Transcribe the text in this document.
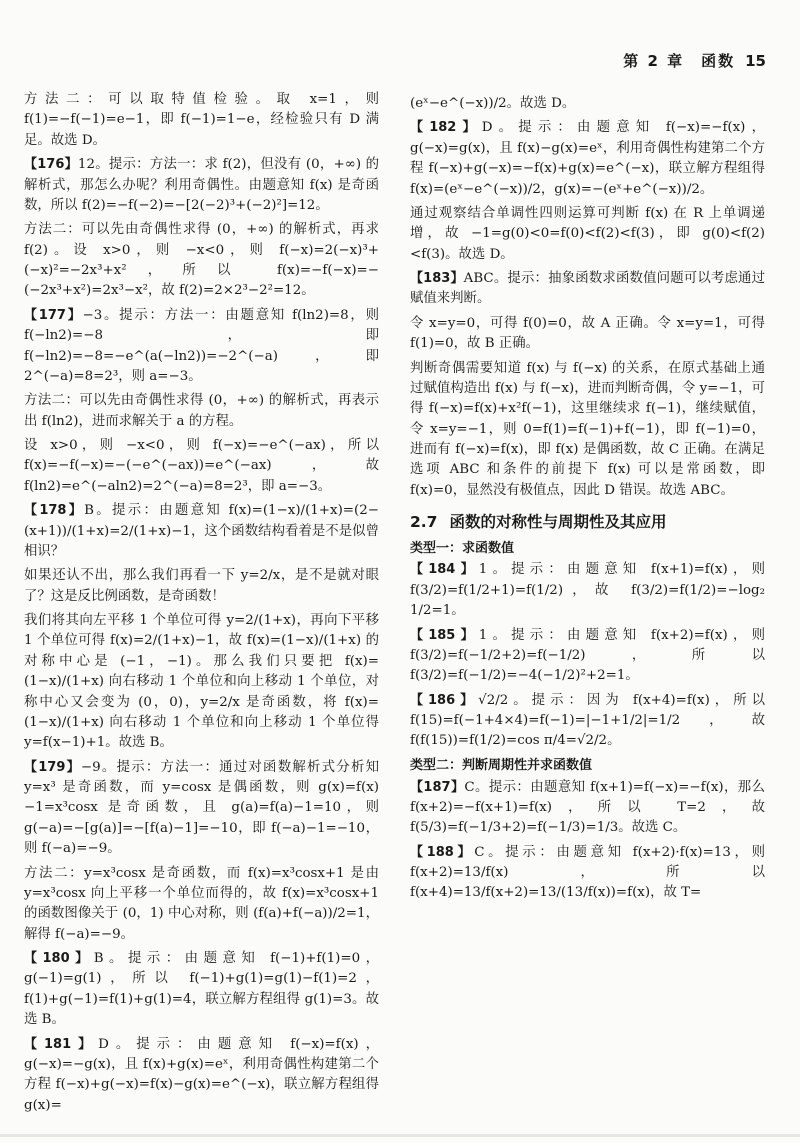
第 2 章　函数 15

方法二：可以取特值检验。取 x=1，则 f(1)=−f(−1)=e−1，即 f(−1)=1−e，经检验只有 D 满足。故选 D。

【176】12。提示：方法一：求 f(2)，但没有 (0，+∞) 的解析式，那怎么办呢？利用奇偶性。由题意知 f(x) 是奇函数，所以 f(2)=−f(−2)=−[2(−2)³+(−2)²]=12。

方法二：可以先由奇偶性求得 (0，+∞) 的解析式，再求 f(2)。设 x>0，则 −x<0，则 f(−x)=2(−x)³+(−x)²=−2x³+x²，所以 f(x)=−f(−x)=−(−2x³+x²)=2x³−x²，故 f(2)=2×2³−2²=12。

【177】−3。提示：方法一：由题意知 f(ln2)=8，则 f(−ln2)=−8，即 f(−ln2)=−8=−e^(a(−ln2))=−2^(−a)，即 2^(−a)=8=2³，则 a=−3。

方法二：可以先由奇偶性求得 (0，+∞) 的解析式，再表示出 f(ln2)，进而求解关于 a 的方程。

设 x>0，则 −x<0，则 f(−x)=−e^(−ax)，所以 f(x)=−f(−x)=−(−e^(−ax))=e^(−ax)，故 f(ln2)=e^(−aln2)=2^(−a)=8=2³，即 a=−3。

【178】B。提示：由题意知 f(x)=(1−x)/(1+x)=(2−(x+1))/(1+x)=2/(1+x)−1，这个函数结构看着是不是似曾相识？

如果还认不出，那么我们再看一下 y=2/x，是不是就对眼了？这是反比例函数，是奇函数！

我们将其向左平移 1 个单位可得 y=2/(1+x)，再向下平移 1 个单位可得 f(x)=2/(1+x)−1，故 f(x)=(1−x)/(1+x) 的对称中心是 (−1，−1)。那么我们只要把 f(x)=(1−x)/(1+x) 向右移动 1 个单位和向上移动 1 个单位，对称中心又会变为 (0，0)，y=2/x 是奇函数，将 f(x)=(1−x)/(1+x) 向右移动 1 个单位和向上移动 1 个单位得 y=f(x−1)+1。故选 B。

【179】−9。提示：方法一：通过对函数解析式分析知 y=x³ 是奇函数，而 y=cosx 是偶函数，则 g(x)=f(x)−1=x³cosx 是奇函数，且 g(a)=f(a)−1=10，则 g(−a)=−[g(a)]=−[f(a)−1]=−10，即 f(−a)−1=−10，则 f(−a)=−9。

方法二：y=x³cosx 是奇函数，而 f(x)=x³cosx+1 是由 y=x³cosx 向上平移一个单位而得的，故 f(x)=x³cosx+1 的函数图像关于 (0，1) 中心对称，则 (f(a)+f(−a))/2=1，解得 f(−a)=−9。

【180】B。提示：由题意知 f(−1)+f(1)=0，g(−1)=g(1)，所以 f(−1)+g(1)=g(1)−f(1)=2，f(1)+g(−1)=f(1)+g(1)=4，联立解方程组得 g(1)=3。故选 B。

【181】D。提示：由题意知 f(−x)=f(x)，g(−x)=−g(x)，且 f(x)+g(x)=eˣ，利用奇偶性构建第二个方程 f(−x)+g(−x)=f(x)−g(x)=e^(−x)，联立解方程组得 g(x)=

(eˣ−e^(−x))/2。故选 D。

【182】D。提示：由题意知 f(−x)=−f(x)，g(−x)=g(x)，且 f(x)−g(x)=eˣ，利用奇偶性构建第二个方程 f(−x)+g(−x)=−f(x)+g(x)=e^(−x)，联立解方程组得 f(x)=(eˣ−e^(−x))/2，g(x)=−(eˣ+e^(−x))/2。

通过观察结合单调性四则运算可判断 f(x) 在 R 上单调递增，故 −1=g(0)<0=f(0)<f(2)<f(3)，即 g(0)<f(2)<f(3)。故选 D。

【183】ABC。提示：抽象函数求函数值问题可以考虑通过赋值来判断。

令 x=y=0，可得 f(0)=0，故 A 正确。令 x=y=1，可得 f(1)=0，故 B 正确。

判断奇偶需要知道 f(x) 与 f(−x) 的关系，在原式基础上通过赋值构造出 f(x) 与 f(−x)，进而判断奇偶，令 y=−1，可得 f(−x)=f(x)+x²f(−1)，这里继续求 f(−1)，继续赋值，令 x=y=−1，则 0=f(1)=f(−1)+f(−1)，即 f(−1)=0，进而有 f(−x)=f(x)，即 f(x) 是偶函数，故 C 正确。在满足选项 ABC 和条件的前提下 f(x) 可以是常函数，即 f(x)=0，显然没有极值点，因此 D 错误。故选 ABC。

2.7 函数的对称性与周期性及其应用
类型一：求函数值

【184】1。提示：由题意知 f(x+1)=f(x)，则 f(3/2)=f(1/2+1)=f(1/2)，故 f(3/2)=f(1/2)=−log₂ 1/2=1。

【185】1。提示：由题意知 f(x+2)=f(x)，则 f(3/2)=f(−1/2+2)=f(−1/2)，所以 f(3/2)=f(−1/2)=−4(−1/2)²+2=1。

【186】√2/2。提示：因为 f(x+4)=f(x)，所以 f(15)=f(−1+4×4)=f(−1)=|−1+1/2|=1/2，故 f(f(15))=f(1/2)=cos π/4=√2/2。

类型二：判断周期性并求函数值

【187】C。提示：由题意知 f(x+1)=f(−x)=−f(x)，那么 f(x+2)=−f(x+1)=f(x)，所以 T=2，故 f(5/3)=f(−1/3+2)=f(−1/3)=1/3。故选 C。

【188】C。提示：由题意知 f(x+2)·f(x)=13，则 f(x+2)=13/f(x)，所以 f(x+4)=13/f(x+2)=13/(13/f(x))=f(x)，故 T=
